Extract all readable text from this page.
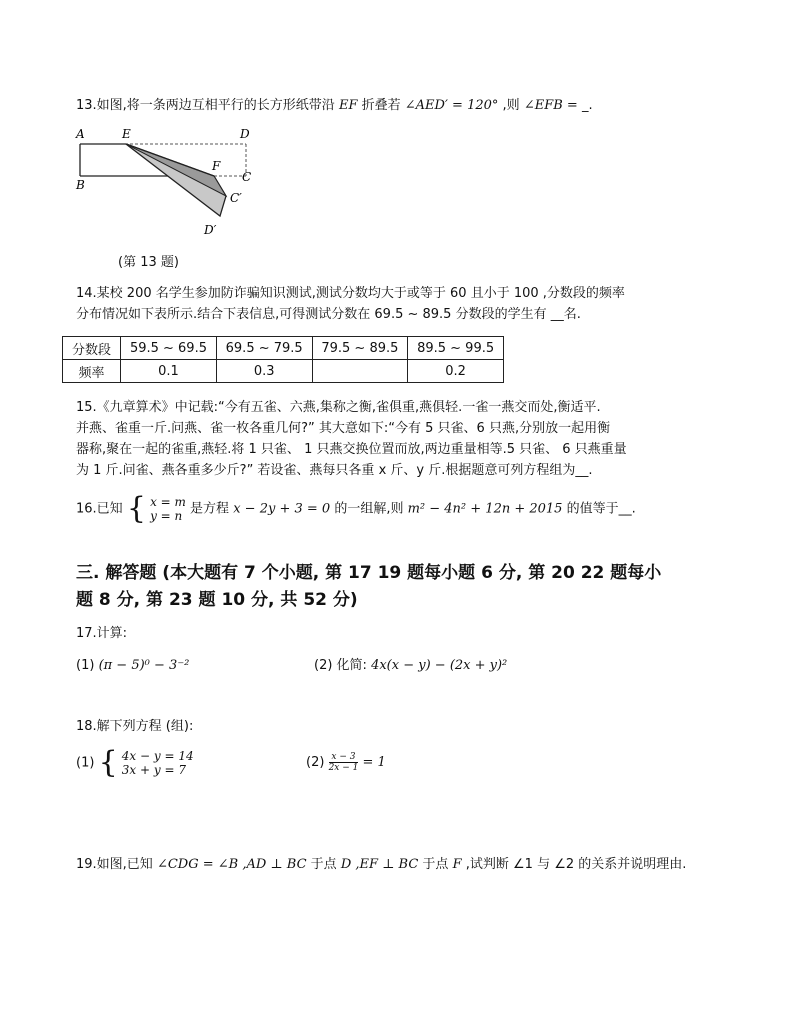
13.如图,将一条两边互相平行的长方形纸带沿 EF 折叠若 ∠AED′ = 120° ,则 ∠EFB = _.
A	E	D
F
C
B
C′
D′
(第 13 题)
14.某校 200 名学生参加防诈骗知识测试,测试分数均大于或等于 60 且小于 100 ,分数段的频率
分布情况如下表所示.结合下表信息,可得测试分数在 69.5 ~ 89.5 分数段的学生有 __名.
分数段	59.5 ~ 69.5	69.5 ~ 79.5	79.5 ~ 89.5	89.5 ~ 99.5
频率	0.1	0.3		0.2
15.《九章算术》中记载:“今有五雀、六燕,集称之衡,雀俱重,燕俱轻.一雀一燕交而处,衡适平.
并燕、雀重一斤.问燕、雀一枚各重几何?” 其大意如下:“今有 5 只雀、6 只燕,分别放一起用衡
器称,聚在一起的雀重,燕轻.将 1 只雀、 1 只燕交换位置而放,两边重量相等.5 只雀、 6 只燕重量
为 1 斤.问雀、燕各重多少斤?” 若设雀、燕每只各重 x 斤、y 斤.根据题意可列方程组为__.
16.已知 { x = m
y = n 是方程 x − 2y + 3 = 0 的一组解,则 m² − 4n² + 12n + 2015 的值等于__.
三. 解答题 (本大题有 7 个小题, 第 17 19 题每小题 6 分, 第 20 22 题每小
题 8 分, 第 23 题 10 分, 共 52 分)
17.计算:
(1) (π − 5)⁰ − 3⁻²	(2) 化简: 4x(x − y) − (2x + y)²
18.解下列方程 (组):
(1) { 4x − y = 14
3x + y = 7	$(2) \frac{x - 3}{2x - 1} = 1$
19.如图,已知 ∠CDG = ∠B ,AD ⊥ BC 于点 D ,EF ⊥ BC 于点 F ,试判断 ∠1 与 ∠2 的关系并说明理由.
